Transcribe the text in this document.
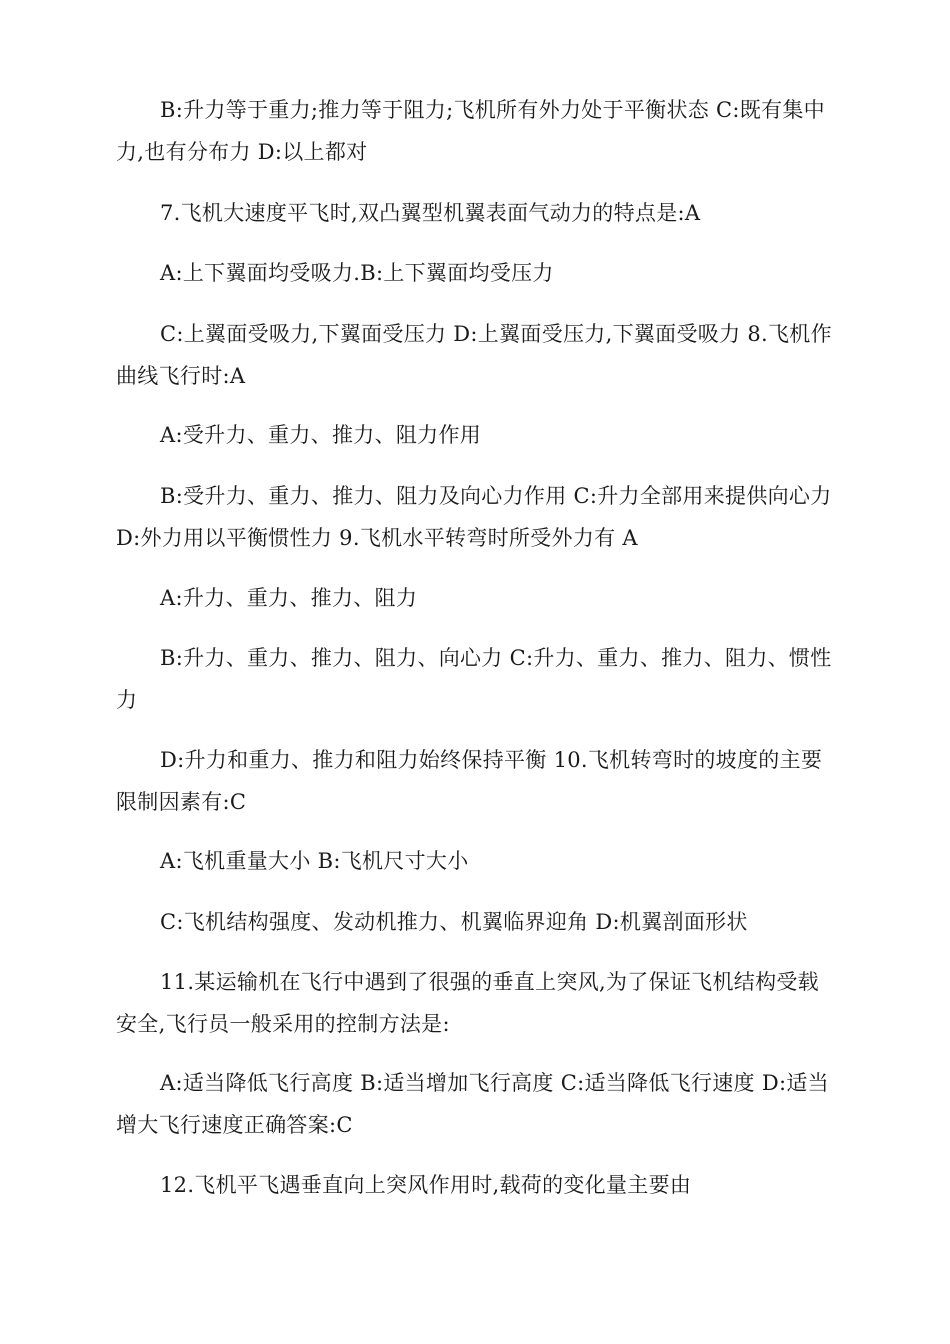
B:升力等于重力;推力等于阻力;飞机所有外力处于平衡状态 C:既有集中力,也有分布力 D:以上都对

7.飞机大速度平飞时,双凸翼型机翼表面气动力的特点是:A

A:上下翼面均受吸力.B:上下翼面均受压力

C:上翼面受吸力,下翼面受压力 D:上翼面受压力,下翼面受吸力 8.飞机作曲线飞行时:A

A:受升力、重力、推力、阻力作用

B:受升力、重力、推力、阻力及向心力作用 C:升力全部用来提供向心力 D:外力用以平衡惯性力 9.飞机水平转弯时所受外力有 A

A:升力、重力、推力、阻力

B:升力、重力、推力、阻力、向心力 C:升力、重力、推力、阻力、惯性力

D:升力和重力、推力和阻力始终保持平衡 10.飞机转弯时的坡度的主要限制因素有:C

A:飞机重量大小 B:飞机尺寸大小

C:飞机结构强度、发动机推力、机翼临界迎角 D:机翼剖面形状

11.某运输机在飞行中遇到了很强的垂直上突风,为了保证飞机结构受载安全,飞行员一般采用的控制方法是:

A:适当降低飞行高度 B:适当增加飞行高度 C:适当降低飞行速度 D:适当增大飞行速度正确答案:C

12.飞机平飞遇垂直向上突风作用时,载荷的变化量主要由
